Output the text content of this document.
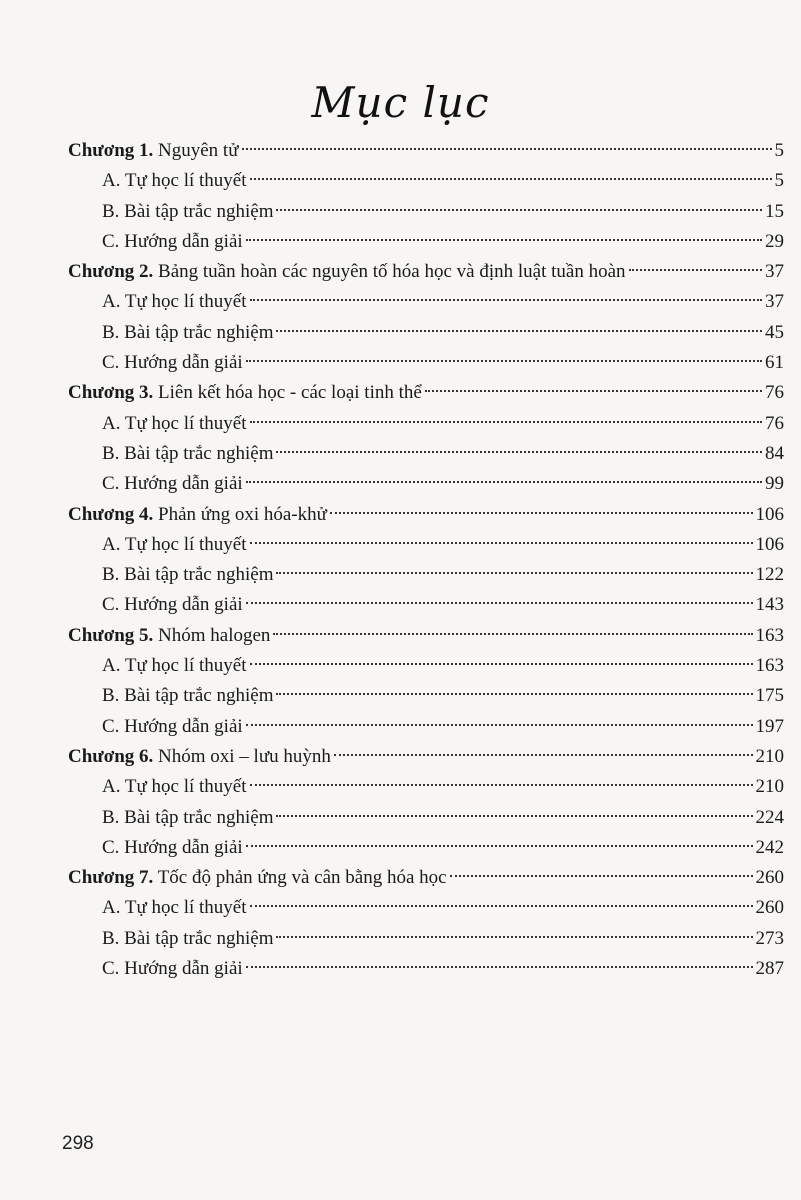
Mục lục
Chương 1. Nguyên tử	5
A. Tự học lí thuyết	5
B. Bài tập trắc nghiệm	15
C. Hướng dẫn giải	29
Chương 2. Bảng tuần hoàn các nguyên tố hóa học và định luật tuần hoàn	37
A. Tự học lí thuyết	37
B. Bài tập trắc nghiệm	45
C. Hướng dẫn giải	61
Chương 3. Liên kết hóa học - các loại tinh thể	76
A. Tự học lí thuyết	76
B. Bài tập trắc nghiệm	84
C. Hướng dẫn giải	99
Chương 4. Phản ứng oxi hóa-khử	106
A. Tự học lí thuyết	106
B. Bài tập trắc nghiệm	122
C. Hướng dẫn giải	143
Chương 5. Nhóm halogen	163
A. Tự học lí thuyết	163
B. Bài tập trắc nghiệm	175
C. Hướng dẫn giải	197
Chương 6. Nhóm oxi – lưu huỳnh	210
A. Tự học lí thuyết	210
B. Bài tập trắc nghiệm	224
C. Hướng dẫn giải	242
Chương 7. Tốc độ phản ứng và cân bằng hóa học	260
A. Tự học lí thuyết	260
B. Bài tập trắc nghiệm	273
C. Hướng dẫn giải	287
298
